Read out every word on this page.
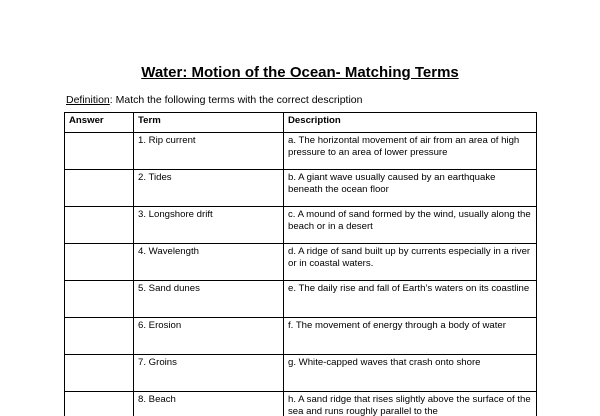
Water: Motion of the Ocean- Matching Terms
Definition: Match the following terms with the correct description
Answer	Term	Description
	1. Rip current	a. The horizontal movement of air from an area of high pressure to an area of lower pressure
	2. Tides	b. A giant wave usually caused by an earthquake beneath the ocean floor
	3. Longshore drift	c. A mound of sand formed by the wind, usually along the beach or in a desert
	4. Wavelength	d. A ridge of sand built up by currents especially in a river or in coastal waters.
	5. Sand dunes	e. The daily rise and fall of Earth’s waters on its coastline
	6. Erosion	f. The movement of energy through a body of water
	7. Groins	g. White-capped waves that crash onto shore
	8. Beach	h. A sand ridge that rises slightly above the surface of the sea and runs roughly parallel to the
